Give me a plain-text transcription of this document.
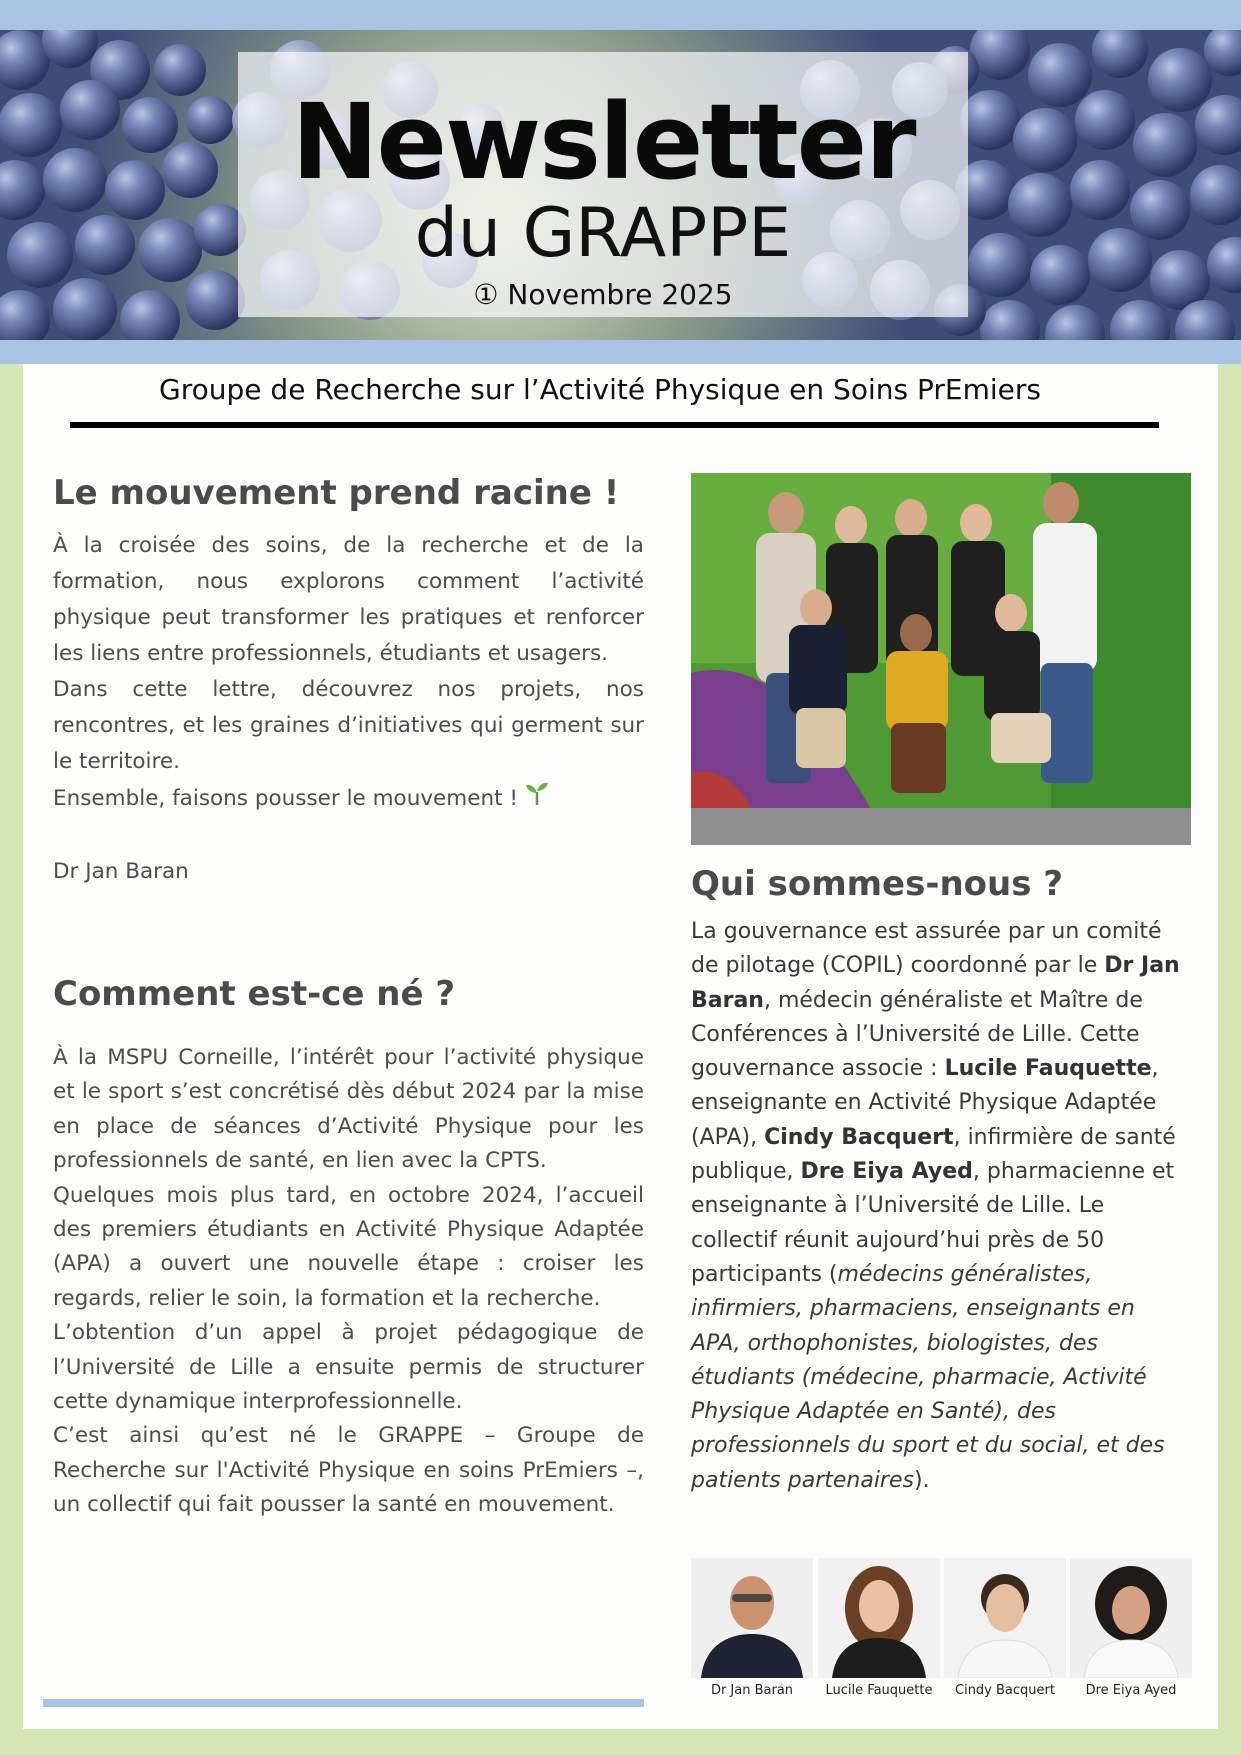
Newsletter
du GRAPPE
① Novembre 2025
Groupe de Recherche sur l’Activité Physique en Soins PrEmiers
Le mouvement prend racine !

À la croisée des soins, de la recherche et de la formation, nous explorons comment l’activité physique peut transformer les pratiques et renforcer les liens entre professionnels, étudiants et usagers.

Dans cette lettre, découvrez nos projets, nos rencontres, et les graines d’initiatives qui germent sur le territoire.

Ensemble, faisons pousser le mouvement !

Dr Jan Baran

Comment est-ce né ?

À la MSPU Corneille, l’intérêt pour l’activité physique et le sport s’est concrétisé dès début 2024 par la mise en place de séances d’Activité Physique pour les professionnels de santé, en lien avec la CPTS.

Quelques mois plus tard, en octobre 2024, l’accueil des premiers étudiants en Activité Physique Adaptée (APA) a ouvert une nouvelle étape : croiser les regards, relier le soin, la formation et la recherche.

L’obtention d’un appel à projet pédagogique de l’Université de Lille a ensuite permis de structurer cette dynamique interprofessionnelle.

C’est ainsi qu’est né le GRAPPE – Groupe de Recherche sur l'Activité Physique en soins PrEmiers –, un collectif qui fait pousser la santé en mouvement.

Qui sommes-nous ?
La gouvernance est assurée par un comité de pilotage (COPIL) coordonné par le Dr Jan Baran, médecin généraliste et Maître de Conférences à l’Université de Lille. Cette gouvernance associe : Lucile Fauquette, enseignante en Activité Physique Adaptée (APA), Cindy Bacquert, infirmière de santé publique, Dre Eiya Ayed, pharmacienne et enseignante à l’Université de Lille. Le collectif réunit aujourd’hui près de 50 participants (médecins généralistes, infirmiers, pharmaciens, enseignants en APA, orthophonistes, biologistes, des étudiants (médecine, pharmacie, Activité Physique Adaptée en Santé), des professionnels du sport et du social, et des patients partenaires).
Dr Jan Baran	Lucile Fauquette	Cindy Bacquert	Dre Eiya Ayed
